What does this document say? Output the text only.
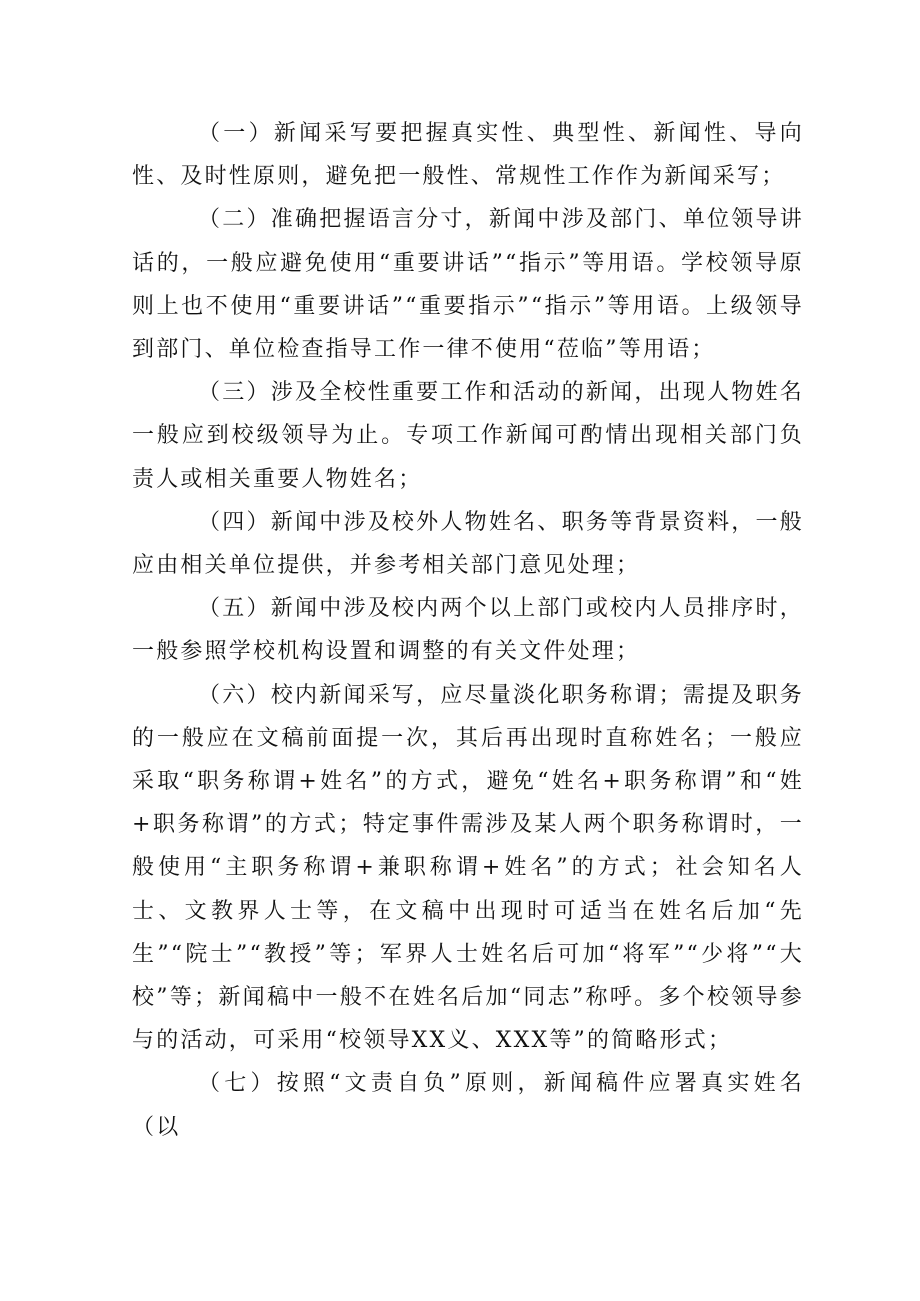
（一）新闻采写要把握真实性、典型性、新闻性、导向性、及时性原则，避免把一般性、常规性工作作为新闻采写；

（二）准确把握语言分寸，新闻中涉及部门、单位领导讲话的，一般应避免使用“重要讲话”“指示”等用语。学校领导原则上也不使用“重要讲话”“重要指示”“指示”等用语。上级领导到部门、单位检查指导工作一律不使用“莅临”等用语；

（三）涉及全校性重要工作和活动的新闻，出现人物姓名一般应到校级领导为止。专项工作新闻可酌情出现相关部门负责人或相关重要人物姓名；

（四）新闻中涉及校外人物姓名、职务等背景资料，一般应由相关单位提供，并参考相关部门意见处理；

（五）新闻中涉及校内两个以上部门或校内人员排序时，一般参照学校机构设置和调整的有关文件处理；

（六）校内新闻采写，应尽量淡化职务称谓；需提及职务的一般应在文稿前面提一次，其后再出现时直称姓名；一般应采取“职务称谓+姓名”的方式，避免“姓名+职务称谓”和“姓+职务称谓”的方式；特定事件需涉及某人两个职务称谓时，一般使用“主职务称谓+兼职称谓+姓名”的方式；社会知名人士、文教界人士等，在文稿中出现时可适当在姓名后加“先生”“院士”“教授”等；军界人士姓名后可加“将军”“少将”“大校”等；新闻稿中一般不在姓名后加“同志”称呼。多个校领导参与的活动，可采用“校领导XX义、XXX等”的简略形式；

（七）按照“文责自负”原则，新闻稿件应署真实姓名（以
